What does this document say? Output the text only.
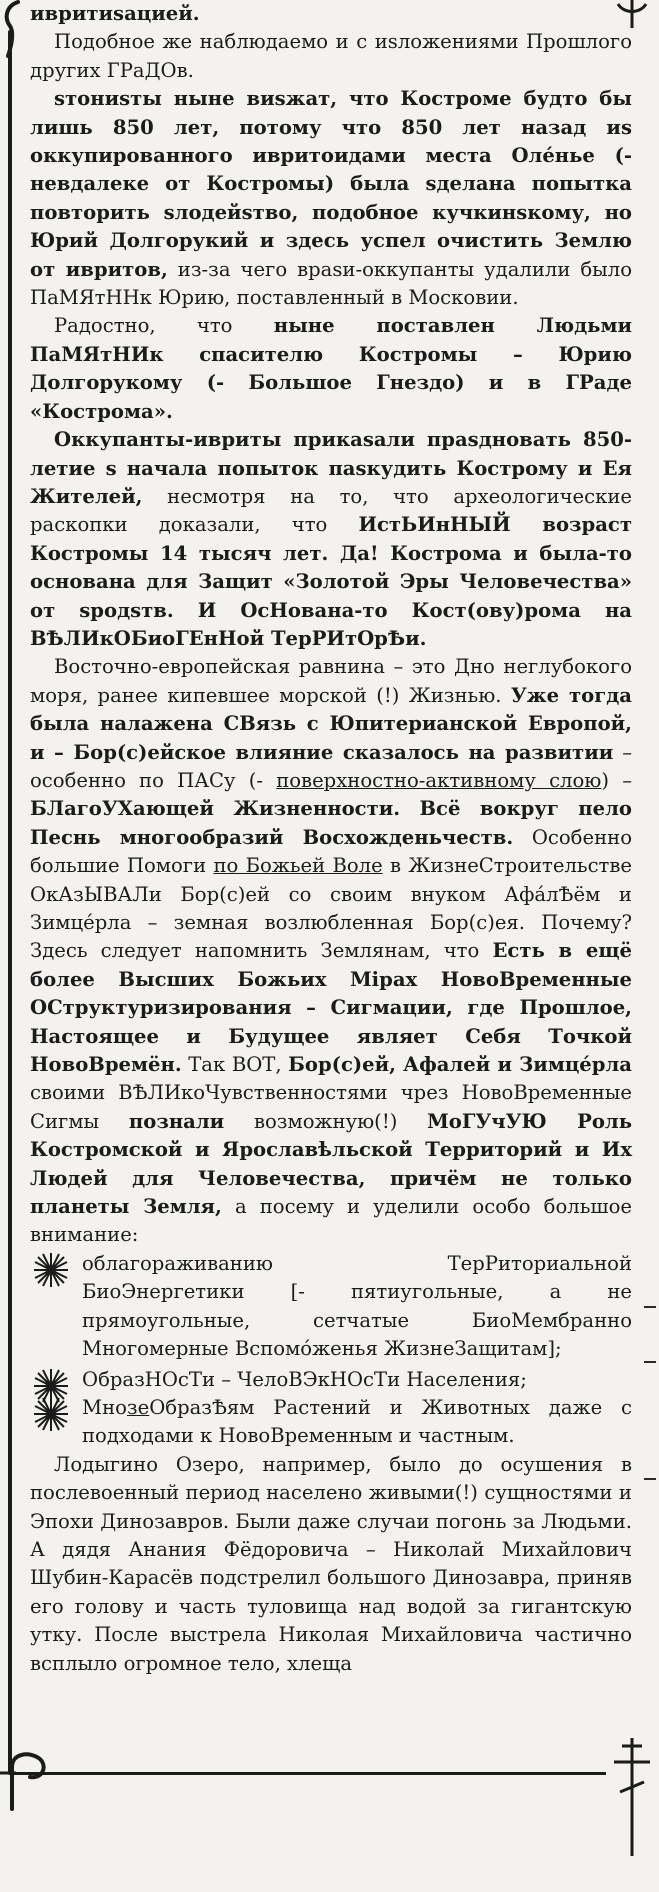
ивритиѕацией.

Подобное же наблюдаемо и с иѕложениями Прошлого других ГРаДОв.

ѕтониѕты ныне виѕжат, что Костроме будто бы лишь 850 лет, потому что 850 лет назад иѕ оккупированного ивритоидами места Оле́нье (- невдалеке от Костромы) была ѕделана попытка повторить ѕлодейѕтво, подобное кучкинѕкому, но Юрий Долгорукий и здесь успел очистить Землю от ивритов, из-за чего враѕи-оккупанты удалили было ПаМЯтННк Юрию, поставленный в Московии.

Радостно, что ныне поставлен Людьми ПаМЯтНИк спасителю Костромы – Юрию Долгорукому (- Большое Гнездо) и в ГРаде «Кострома».

Оккупанты-ивриты прикаѕали праѕдновать 850-летие ѕ начала попыток паѕкудить Кострому и Ея Жителей, несмотря на то, что археологические раскопки доказали, что ИстЬИнНЫЙ возраст Костромы 14 тысяч лет. Да! Кострома и была-то основана для Защит «Золотой Эры Человечества» от ѕродѕтв. И ОсНована-то Кост(ову)рома на ВѢЛИкОБиоГЕнНой ТерРИтОрѢи.

Восточно-европейская равнина – это Дно неглубокого моря, ранее кипевшее морской (!) Жизнью. Уже тогда была налажена СВязь с Юпитерианской Европой, и – Бор(с)ейское влияние сказалось на развитии – особенно по ПАСу (- поверхностно-активному слою) – БЛагоУХающей Жизненности. Всё вокруг пело Песнь многообразий Восхожденьчеств. Особенно большие Помоги по Божьей Воле в ЖизнеСтроительстве ОкАзЫВАЛи Бор(с)ей со своим внуком Афа́лѢём и Зимце́рла – земная возлюбленная Бор(с)ея. Почему? Здесь следует напомнить Землянам, что Есть в ещё более Высших Божьих Мірах НовоВременные ОСтруктуризирования – Сигмации, где Прошлое, Настоящее и Будущее являет Себя Точкой НовоВремён. Так ВОТ, Бор(с)ей, Афалей и Зимце́рла своими ВѢЛИкоЧувственностями чрез НовоВременные Сигмы познали возможную(!) МоГУчУЮ Роль Костромской и Ярославѣльской Территорий и Их Людей для Человечества, причём не только планеты Земля, а посему и уделили особо большое внимание:

облагораживанию ТерРиториальной БиоЭнергетики [- пятиугольные, а не прямоугольные, сетчатые БиоМембранно Многомерные Вспомо́женья ЖизнеЗащитам];
ОбразНОсТи – ЧелоВЭкНОсТи Населения;
МнозеОбразѢям Растений и Животных даже с подходами к НовоВременным и частным.

Лодыгино Озеро, например, было до осушения в послевоенный период населено живыми(!) сущностями и Эпохи Динозавров. Были даже случаи погонь за Людьми. А дядя Анания Фёдоровича – Николай Михайлович Шубин-Карасёв подстрелил большого Динозавра, приняв его голову и часть туловища над водой за гигантскую утку. После выстрела Николая Михайловича частично всплыло огромное тело, хлеща
